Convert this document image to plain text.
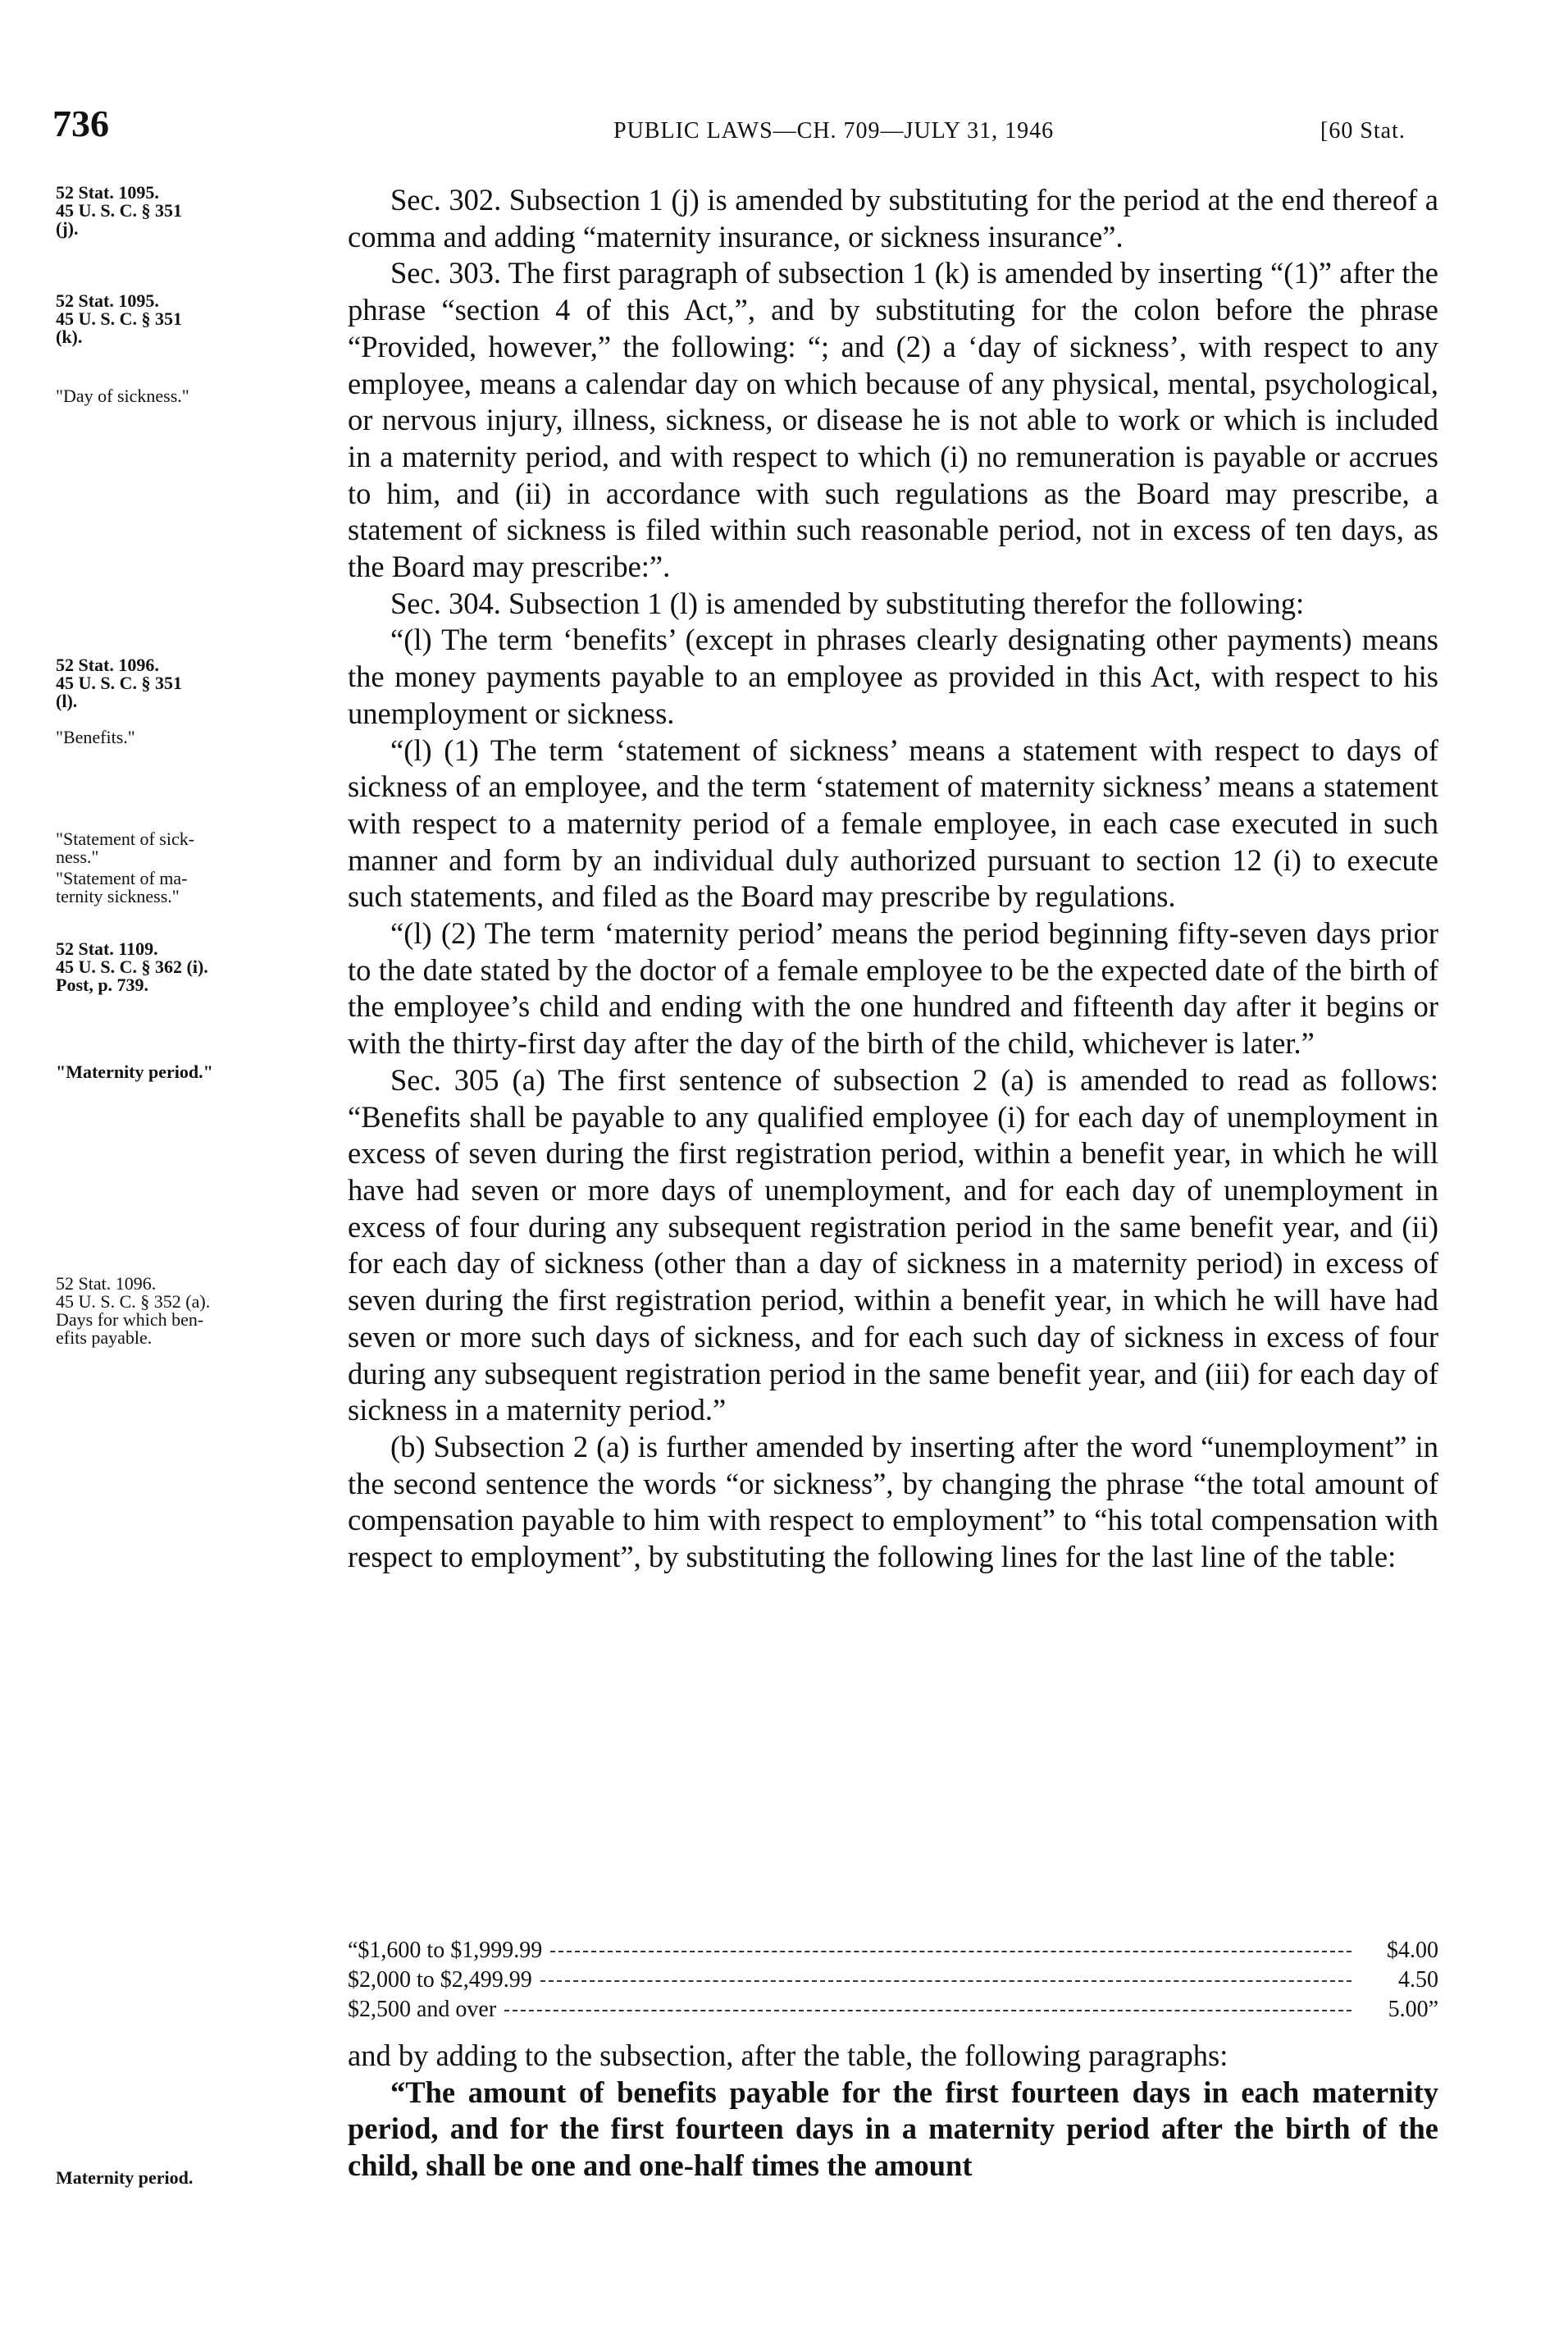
736	PUBLIC LAWS—CH. 709—JULY 31, 1946	[60 Stat.
52 Stat. 1095.
45 U. S. C. § 351
(j).
52 Stat. 1095.
45 U. S. C. § 351
(k).
"Day of sickness."
52 Stat. 1096.
45 U. S. C. § 351
(l).
"Benefits."
"Statement of sick-
ness."
"Statement of ma-
ternity sickness."
52 Stat. 1109.
45 U. S. C. § 362 (i).
Post, p. 739.
"Maternity period."
52 Stat. 1096.
45 U. S. C. § 352 (a).
Days for which ben-
efits payable.
Maternity period.

Sec. 302. Subsection 1 (j) is amended by substituting for the period at the end thereof a comma and adding “maternity insurance, or sickness insurance”.

Sec. 303. The first paragraph of subsection 1 (k) is amended by inserting “(1)” after the phrase “section 4 of this Act,”, and by substituting for the colon before the phrase “Provided, however,” the following: “; and (2) a ‘day of sickness’, with respect to any employee, means a calendar day on which because of any physical, mental, psychological, or nervous injury, illness, sickness, or disease he is not able to work or which is included in a maternity period, and with respect to which (i) no remuneration is payable or accrues to him, and (ii) in accordance with such regulations as the Board may prescribe, a statement of sickness is filed within such reasonable period, not in excess of ten days, as the Board may prescribe:”.

Sec. 304. Subsection 1 (l) is amended by substituting therefor the following:

“(l) The term ‘benefits’ (except in phrases clearly designating other payments) means the money payments payable to an employee as provided in this Act, with respect to his unemployment or sickness.

“(l) (1) The term ‘statement of sickness’ means a statement with respect to days of sickness of an employee, and the term ‘statement of maternity sickness’ means a statement with respect to a maternity period of a female employee, in each case executed in such manner and form by an individual duly authorized pursuant to section 12 (i) to execute such statements, and filed as the Board may prescribe by regulations.

“(l) (2) The term ‘maternity period’ means the period beginning fifty-seven days prior to the date stated by the doctor of a female employee to be the expected date of the birth of the employee’s child and ending with the one hundred and fifteenth day after it begins or with the thirty-first day after the day of the birth of the child, whichever is later.”

Sec. 305 (a) The first sentence of subsection 2 (a) is amended to read as follows: “Benefits shall be payable to any qualified employee (i) for each day of unemployment in excess of seven during the first registration period, within a benefit year, in which he will have had seven or more days of unemployment, and for each day of unemployment in excess of four during any subsequent registration period in the same benefit year, and (ii) for each day of sickness (other than a day of sickness in a maternity period) in excess of seven during the first registration period, within a benefit year, in which he will have had seven or more such days of sickness, and for each such day of sickness in excess of four during any subsequent registration period in the same benefit year, and (iii) for each day of sickness in a maternity period.”

(b) Subsection 2 (a) is further amended by inserting after the word “unemployment” in the second sentence the words “or sickness”, by changing the phrase “the total amount of compensation payable to him with respect to employment” to “his total compensation with respect to employment”, by substituting the following lines for the last line of the table:

“$1,600 to $1,999.99	$4.00
$2,000 to $2,499.99	4.50
$2,500 and over	5.00”

and by adding to the subsection, after the table, the following paragraphs:

“The amount of benefits payable for the first fourteen days in each maternity period, and for the first fourteen days in a maternity period after the birth of the child, shall be one and one-half times the amount
